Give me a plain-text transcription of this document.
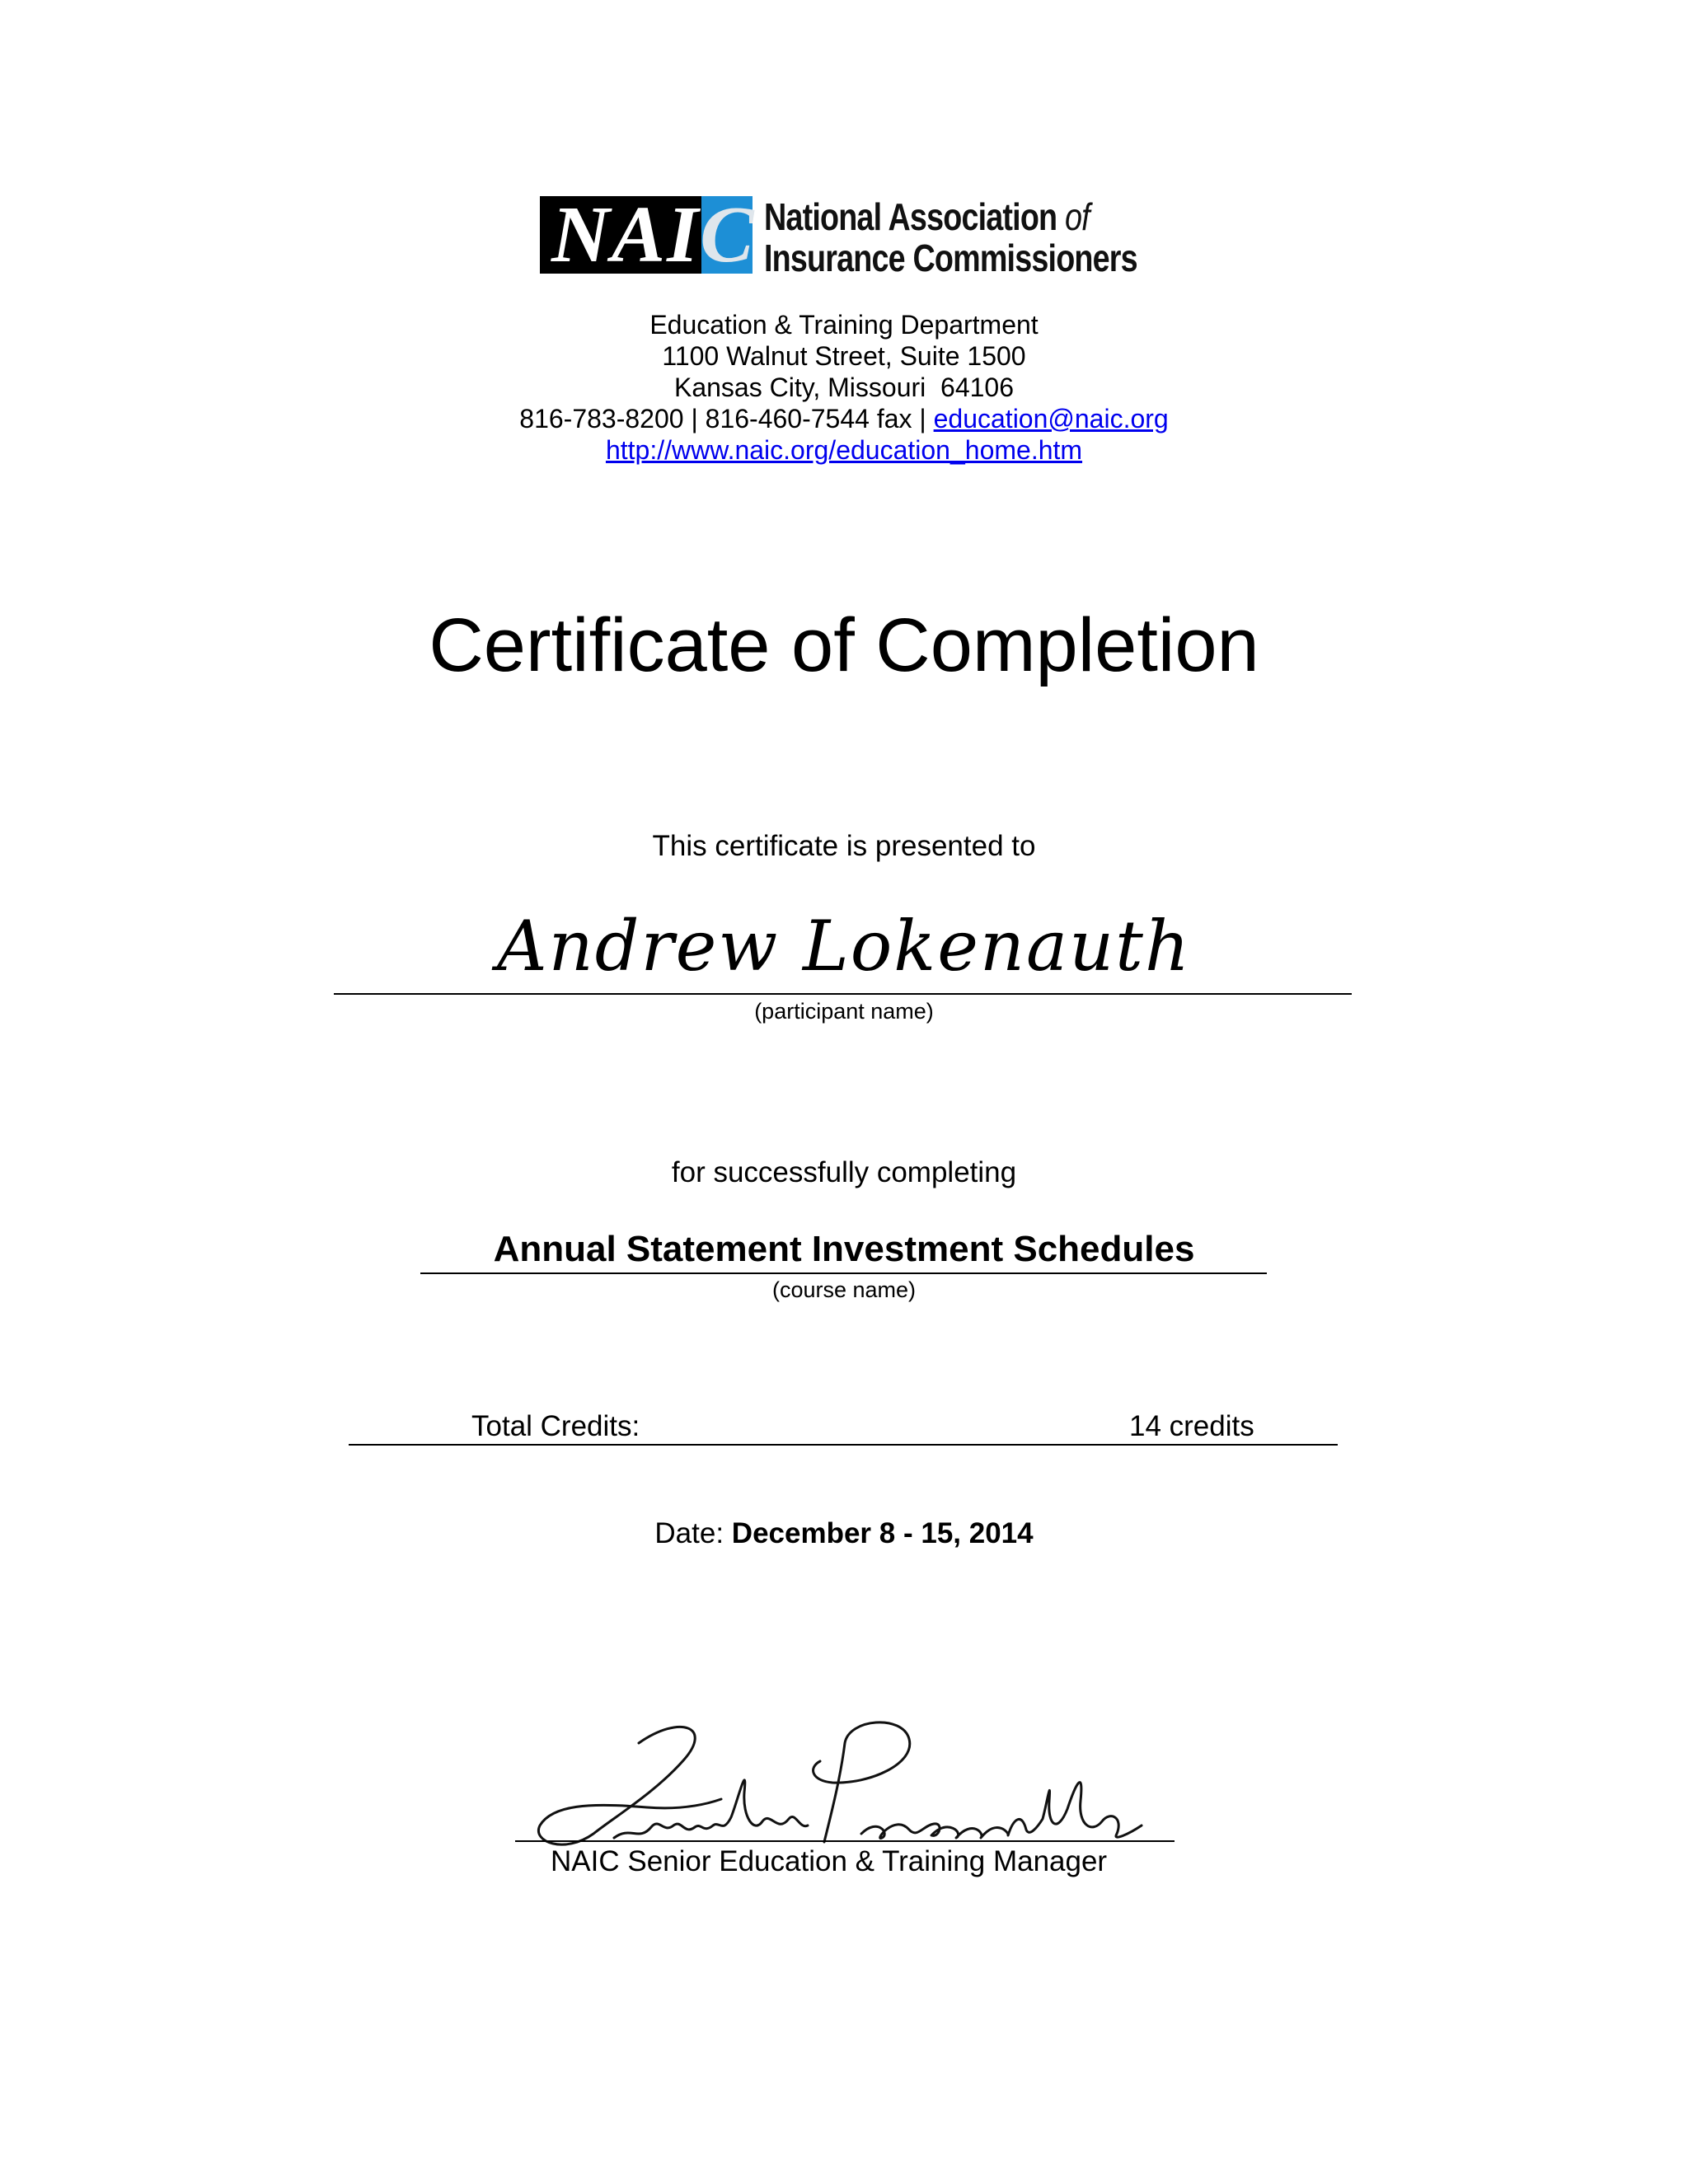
NAIC National Association of
Insurance Commissioners
Education & Training Department
1100 Walnut Street, Suite 1500
Kansas City, Missouri  64106
816-783-8200 | 816-460-7544 fax | education@naic.org
http://www.naic.org/education_home.htm
Certificate of Completion
This certificate is presented to
Andrew Lokenauth
(participant name)
for successfully completing
Annual Statement Investment Schedules
(course name)
Total Credits:	14 credits
Date: December 8 - 15, 2014
NAIC Senior Education & Training Manager
